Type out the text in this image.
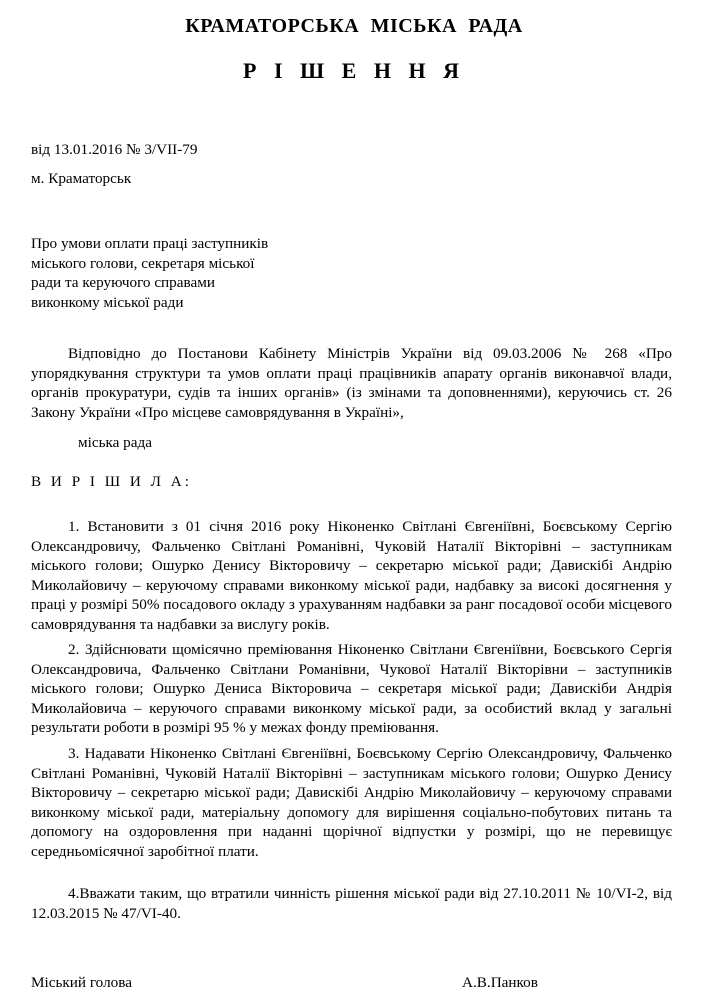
КРАМАТОРСЬКА МІСЬКА РАДА
Р І Ш Е Н Н Я
від 13.01.2016 № 3/VІІ-79
м. Краматорськ
Про умови оплати праці заступників
міського голови, секретаря міської
ради та керуючого справами
виконкому міської ради
Відповідно до Постанови Кабінету Міністрів України від 09.03.2006 № 268 «Про упорядкування структури та умов оплати праці працівників апарату органів виконавчої влади, органів прокуратури, судів та інших органів» (із змінами та доповненнями), керуючись ст. 26 Закону України «Про місцеве самоврядування в Україні»,
міська рада
В И Р І Ш И Л А:
1. Встановити з 01 січня 2016 року Ніконенко Світлані Євгеніївні, Боєвському Сергію Олександровичу, Фальченко Світлані Романівні, Чуковій Наталії Вікторівні – заступникам міського голови; Ошурко Денису Вікторовичу – секретарю міської ради; Давискібі Андрію Миколайовичу – керуючому справами виконкому міської ради, надбавку за високі досягнення у праці у розмірі 50% посадового окладу з урахуванням надбавки за ранг посадової особи місцевого самоврядування та надбавки за вислугу років.
2. Здійснювати щомісячно преміювання Ніконенко Світлани Євгеніївни, Боєвського Сергія Олександровича, Фальченко Світлани Романівни, Чукової Наталії Вікторівни – заступників міського голови; Ошурко Дениса Вікторовича – секретаря міської ради; Давискіби Андрія Миколайовича – керуючого справами виконкому міської ради, за особистий вклад у загальні результати роботи в розмірі 95 % у межах фонду преміювання.
3. Надавати Ніконенко Світлані Євгеніївні, Боєвському Сергію Олександровичу, Фальченко Світлані Романівні, Чуковій Наталії Вікторівні – заступникам міського голови; Ошурко Денису Вікторовичу – секретарю міської ради; Давискібі Андрію Миколайовичу – керуючому справами виконкому міської ради, матеріальну допомогу для вирішення соціально-побутових питань та допомогу на оздоровлення при наданні щорічної відпустки у розмірі, що не перевищує середньомісячної заробітної плати.
4.Вважати таким, що втратили чинність рішення міської ради від 27.10.2011 № 10/VІ-2, від 12.03.2015 № 47/VІ-40.
Міський голова	А.В.Панков
